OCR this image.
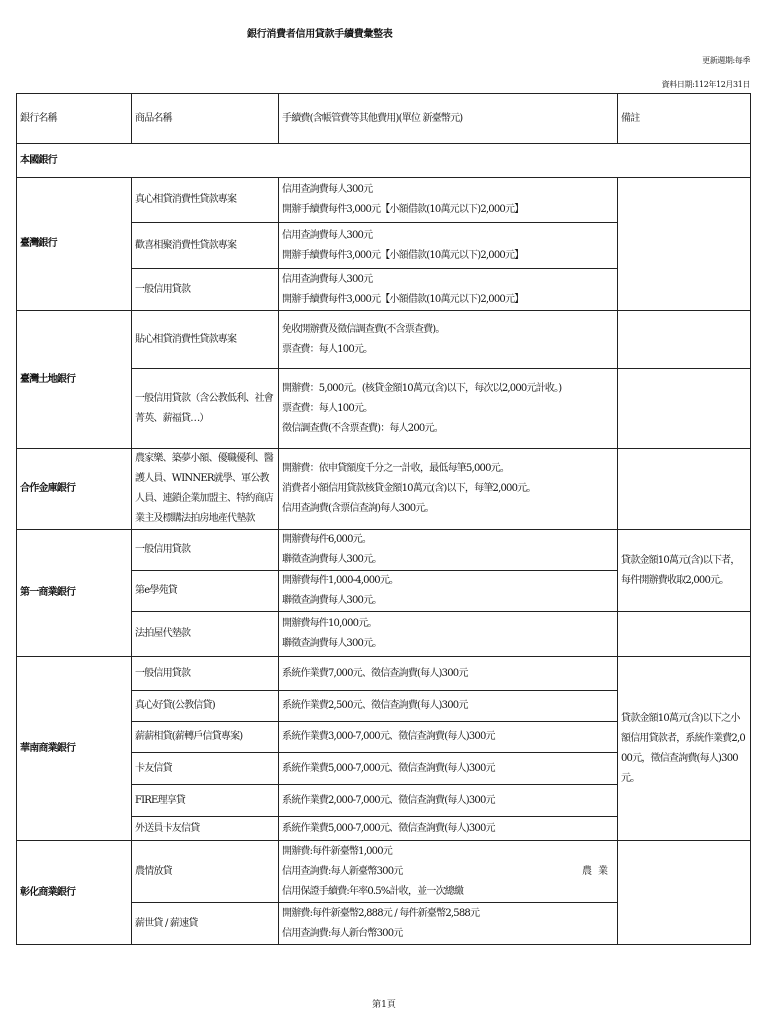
銀行消費者信用貸款手續費彙整表
更新週期:每季
資料日期:112年12月31日
銀行名稱	商品名稱	手續費(含帳管費等其他費用)(單位 新臺幣元)	備註
本國銀行			
臺灣銀行	真心相貸消費性貸款專案	信用查詢費每人300元
開辦手續費每件3,000元【小額借款(10萬元以下)2,000元】	

	歡喜相聚消費性貸款專案	信用查詢費每人300元
開辦手續費每件3,000元【小額借款(10萬元以下)2,000元】	

	一般信用貸款	信用查詢費每人300元
開辦手續費每件3,000元【小額借款(10萬元以下)2,000元】	

臺灣土地銀行	貼心相貸消費性貸款專案	免收開辦費及徵信調查費(不含票查費)。
票查費：每人100元。	

	一般信用貸款（含公教低利、社會菁英、薪福貸…）	開辦費：5,000元。(核貸金額10萬元(含)以下，每次以2,000元計收。)
票查費：每人100元。
徵信調查費(不含票查費)：每人200元。	

合作金庫銀行	農家樂、築夢小額、優職優利、醫護人員、WINNER就學、軍公教人員、連鎖企業加盟主、特約商店業主及標購法拍房地產代墊款	開辦費：依申貸額度千分之一計收，最低每筆5,000元。
消費者小額信用貸款核貸金額10萬元(含)以下，每筆2,000元。
信用查詢費(含票信查詢)每人300元。	

第一商業銀行	一般信用貸款	開辦費每件6,000元。
聯徵查詢費每人300元。	貸款金額10萬元(含)以下者，每件開辦費收取2,000元。

	第e學苑貸	開辦費每件1,000-4,000元。
聯徵查詢費每人300元。	

	法拍屋代墊款	開辦費每件10,000元。
聯徵查詢費每人300元。	

華南商業銀行	一般信用貸款	系統作業費7,000元、徵信查詢費(每人)300元	貸款金額10萬元(含)以下之小額信用貸款者，系統作業費2,000元，徵信查詢費(每人)300元。

	真心好貸(公教信貸)	系統作業費2,500元、徵信查詢費(每人)300元	

	薪薪相貸(薪轉戶信貸專案)	系統作業費3,000-7,000元、徵信查詢費(每人)300元	

	卡友信貸	系統作業費5,000-7,000元、徵信查詢費(每人)300元	

	FIRE理享貸	系統作業費2,000-7,000元、徵信查詢費(每人)300元	

	外送員卡友信貸	系統作業費5,000-7,000元、徵信查詢費(每人)300元	

彰化商業銀行	農情放貸	開辦費:每件新臺幣1,000元
信用查詢費:每人新臺幣300元 農業
信用保證手續費:年率0.5%計收，並一次總繳	

	薪世貸 / 薪速貸	開辦費:每件新臺幣2,888元 / 每件新臺幣2,588元
信用查詢費:每人新台幣300元	
第1頁
